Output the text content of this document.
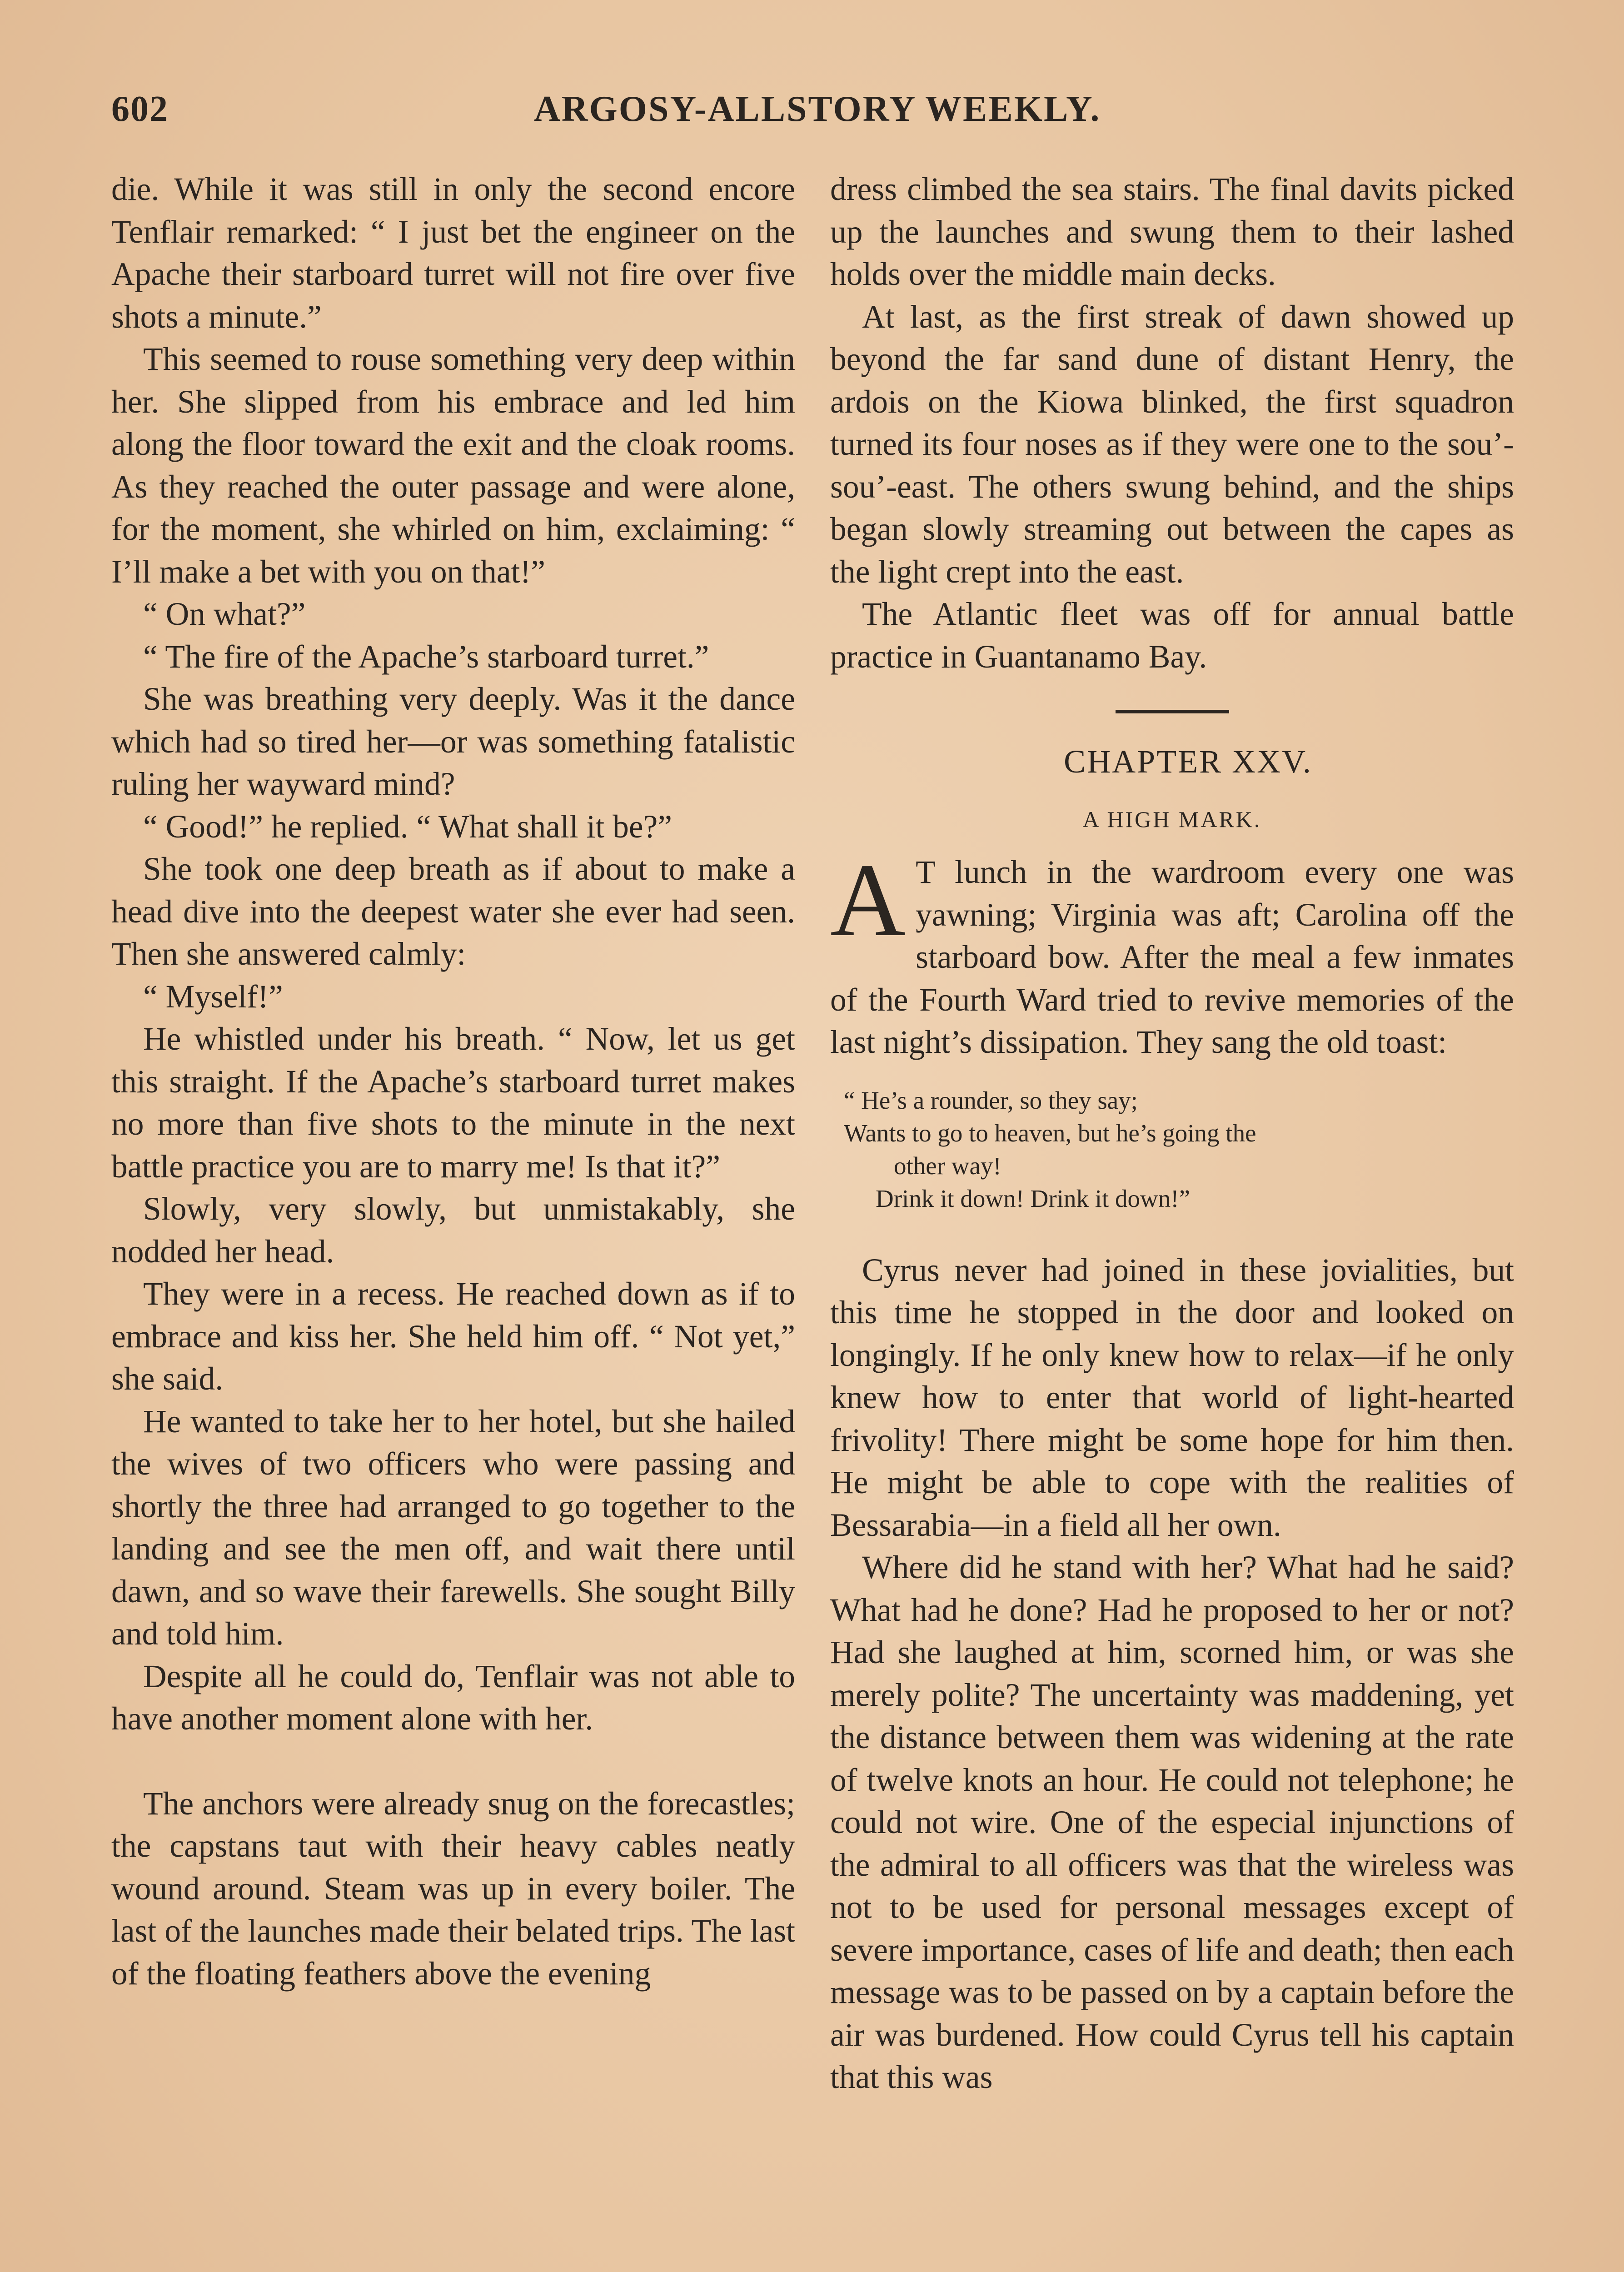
602	ARGOSY-ALLSTORY WEEKLY.

die. While it was still in only the second encore Tenflair remarked: “ I just bet the engineer on the Apache their starboard turret will not fire over five shots a minute.”

This seemed to rouse something very deep within her. She slipped from his embrace and led him along the floor toward the exit and the cloak rooms. As they reached the outer passage and were alone, for the moment, she whirled on him, exclaiming: “ I’ll make a bet with you on that!”

“ On what?”

“ The fire of the Apache’s starboard turret.”

She was breathing very deeply. Was it the dance which had so tired her—or was something fatalistic ruling her wayward mind?

“ Good!” he replied. “ What shall it be?”

She took one deep breath as if about to make a head dive into the deepest water she ever had seen. Then she answered calmly:

“ Myself!”

He whistled under his breath. “ Now, let us get this straight. If the Apache’s starboard turret makes no more than five shots to the minute in the next battle practice you are to marry me! Is that it?”

Slowly, very slowly, but unmistakably, she nodded her head.

They were in a recess. He reached down as if to embrace and kiss her. She held him off. “ Not yet,” she said.

He wanted to take her to her hotel, but she hailed the wives of two officers who were passing and shortly the three had arranged to go together to the landing and see the men off, and wait there until dawn, and so wave their farewells. She sought Billy and told him.

Despite all he could do, Tenflair was not able to have another moment alone with her.

The anchors were already snug on the forecastles; the capstans taut with their heavy cables neatly wound around. Steam was up in every boiler. The last of the launches made their belated trips. The last of the floating feathers above the evening

dress climbed the sea stairs. The final davits picked up the launches and swung them to their lashed holds over the middle main decks.

At last, as the first streak of dawn showed up beyond the far sand dune of distant Henry, the ardois on the Kiowa blinked, the first squadron turned its four noses as if they were one to the sou’-sou’-east. The others swung behind, and the ships began slowly streaming out between the capes as the light crept into the east.

The Atlantic fleet was off for annual battle practice in Guantanamo Bay.

CHAPTER XXV.

A HIGH MARK.

A T lunch in the wardroom every one was yawning; Virginia was aft; Carolina off the starboard bow. After the meal a few inmates of the Fourth Ward tried to revive memories of the last night’s dissipation. They sang the old toast:

“ He’s a rounder, so they say;
Wants to go to heaven, but he’s going the
other way!
Drink it down! Drink it down!”

Cyrus never had joined in these jovialities, but this time he stopped in the door and looked on longingly. If he only knew how to relax—if he only knew how to enter that world of light-hearted frivolity! There might be some hope for him then. He might be able to cope with the realities of Bessarabia—in a field all her own.

Where did he stand with her? What had he said? What had he done? Had he proposed to her or not? Had she laughed at him, scorned him, or was she merely polite? The uncertainty was maddening, yet the distance between them was widening at the rate of twelve knots an hour. He could not telephone; he could not wire. One of the especial injunctions of the admiral to all officers was that the wireless was not to be used for personal messages except of severe importance, cases of life and death; then each message was to be passed on by a captain before the air was burdened. How could Cyrus tell his captain that this was
